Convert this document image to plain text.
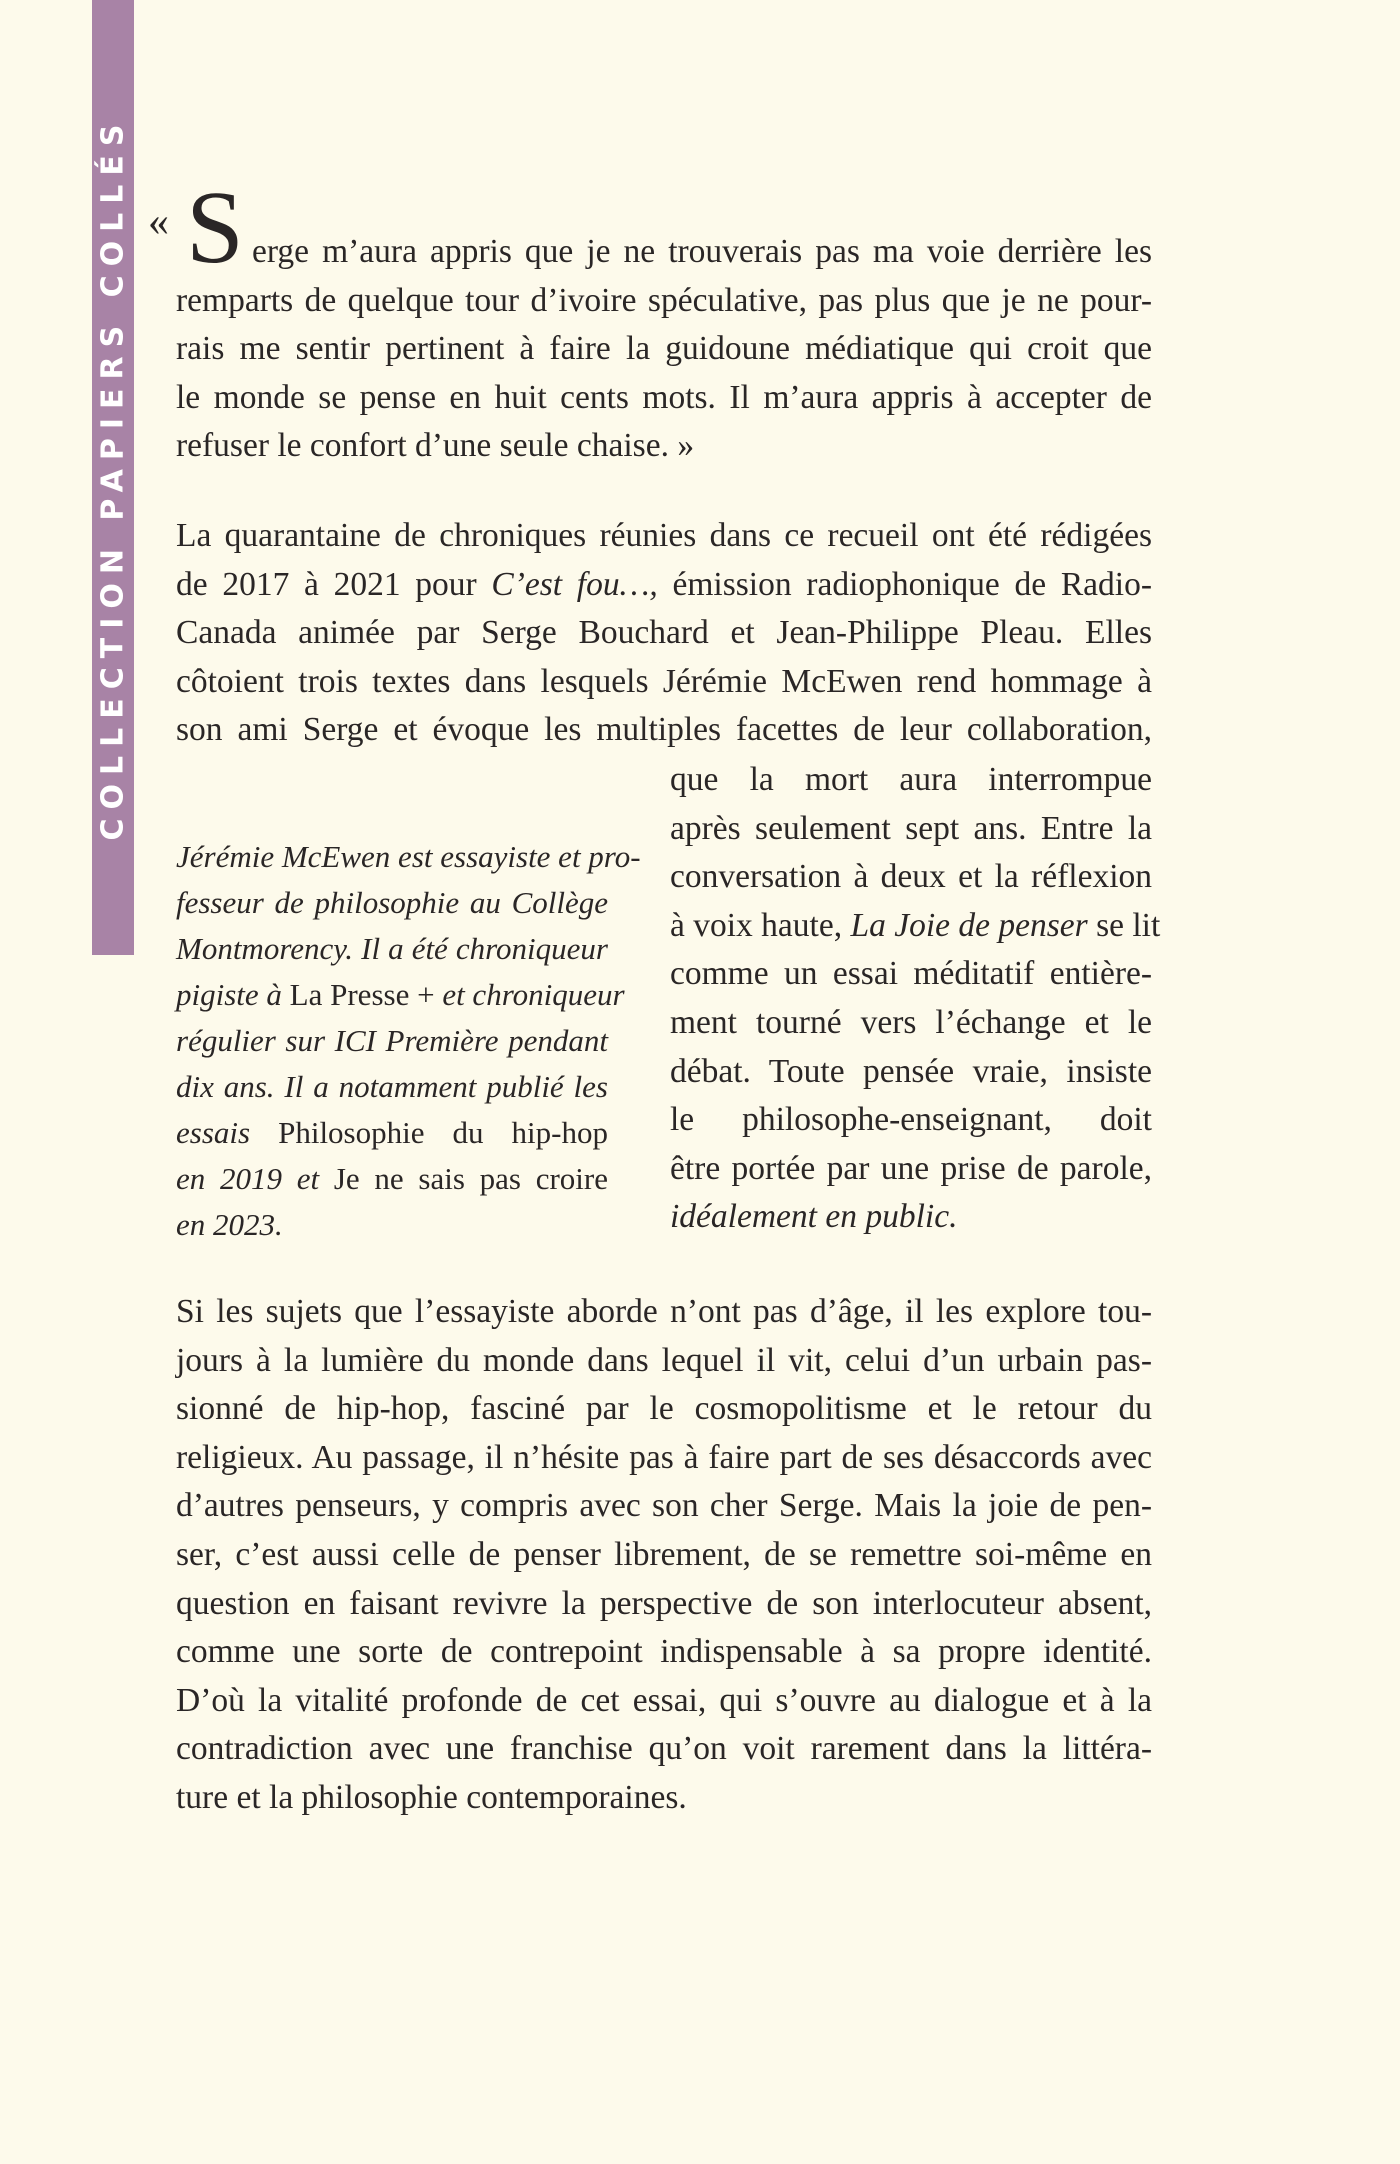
COLLECTION PAPIERS COLLÉS « S erge m’aura appris que je ne trouverais pas ma voie derrière les
remparts de quelque tour d’ivoire spéculative, pas plus que je ne pour-
rais me sentir pertinent à faire la guidoune médiatique qui croit que
le monde se pense en huit cents mots. Il m’aura appris à accepter de
refuser le confort d’une seule chaise. »
La quarantaine de chroniques réunies dans ce recueil ont été rédigées
de 2017 à 2021 pour C’est fou…, émission radiophonique de Radio-
Canada animée par Serge Bouchard et Jean-Philippe Pleau. Elles
côtoient trois textes dans lesquels Jérémie McEwen rend hommage à
son ami Serge et évoque les multiples facettes de leur collaboration,
que la mort aura interrompue
après seulement sept ans. Entre la
conversation à deux et la réflexion
à voix haute, La Joie de penser se lit
comme un essai méditatif entière-
ment tourné vers l’échange et le
débat. Toute pensée vraie, insiste
le philosophe-enseignant, doit
être portée par une prise de parole,
idéalement en public.
Jérémie McEwen est essayiste et pro-
fesseur de philosophie au Collège
Montmorency. Il a été chroniqueur
pigiste à La Presse + et chroniqueur
régulier sur ICI Première pendant
dix ans. Il a notamment publié les
essais Philosophie du hip-hop
en 2019 et Je ne sais pas croire
en 2023.
Si les sujets que l’essayiste aborde n’ont pas d’âge, il les explore tou-
jours à la lumière du monde dans lequel il vit, celui d’un urbain pas-
sionné de hip-hop, fasciné par le cosmopolitisme et le retour du
religieux. Au passage, il n’hésite pas à faire part de ses désaccords avec
d’autres penseurs, y compris avec son cher Serge. Mais la joie de pen-
ser, c’est aussi celle de penser librement, de se remettre soi-même en
question en faisant revivre la perspective de son interlocuteur absent,
comme une sorte de contrepoint indispensable à sa propre identité.
D’où la vitalité profonde de cet essai, qui s’ouvre au dialogue et à la
contradiction avec une franchise qu’on voit rarement dans la littéra-
ture et la philosophie contemporaines.
